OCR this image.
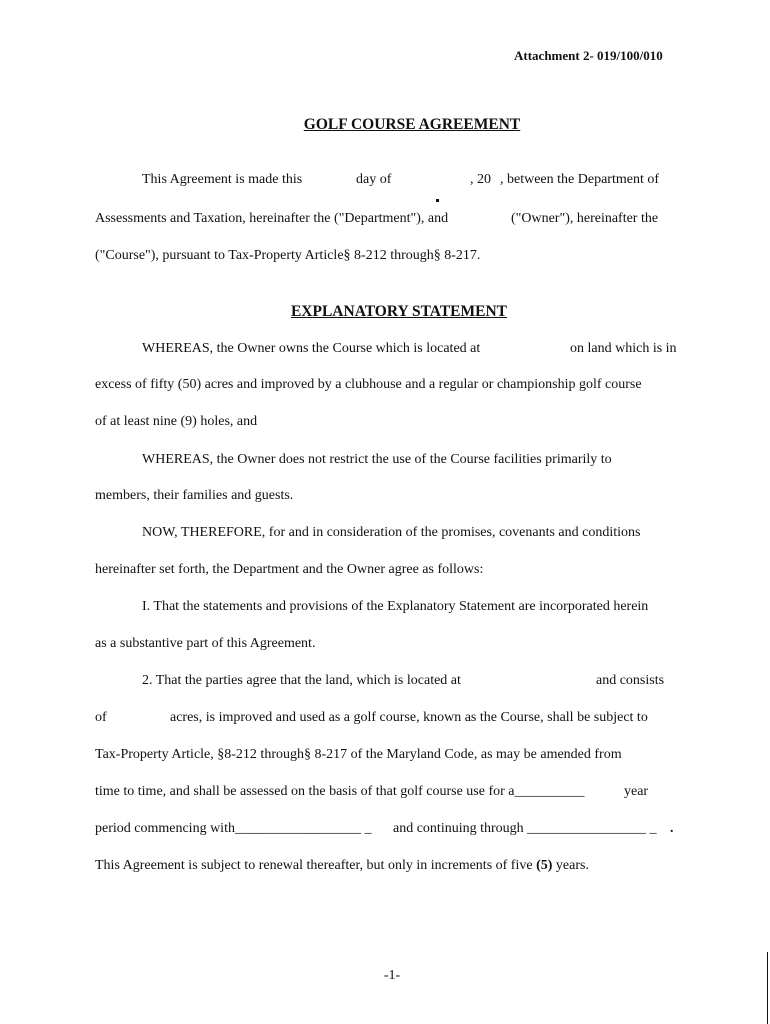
Attachment 2- 019/100/010
GOLF COURSE AGREEMENT
This Agreement is made this	day of	, 20 , between the Department of
Assessments and Taxation, hereinafter the ("Department"), and	("Owner"), hereinafter the
("Course"), pursuant to Tax-Property Article§ 8-212 through§ 8-217.
EXPLANATORY STATEMENT
WHEREAS, the Owner owns the Course which is located at	on land which is in
excess of fifty (50) acres and improved by a clubhouse and a regular or championship golf course
of at least nine (9) holes, and
WHEREAS, the Owner does not restrict the use of the Course facilities primarily to
members, their families and guests.
NOW, THEREFORE, for and in consideration of the promises, covenants and conditions
hereinafter set forth, the Department and the Owner agree as follows:
I. That the statements and provisions of the Explanatory Statement are incorporated herein
as a substantive part of this Agreement.
2. That the parties agree that the land, which is located at	and consists
of	acres, is improved and used as a golf course, known as the Course, shall be subject to
Tax-Property Article, §8-212 through§ 8-217 of the Maryland Code, as may be amended from
time to time, and shall be assessed on the basis of that golf course use for a__________	year
period commencing with__________________ _ and continuing through _________________ _ .
This Agreement is subject to renewal thereafter, but only in increments of five (5) years.
-1-
